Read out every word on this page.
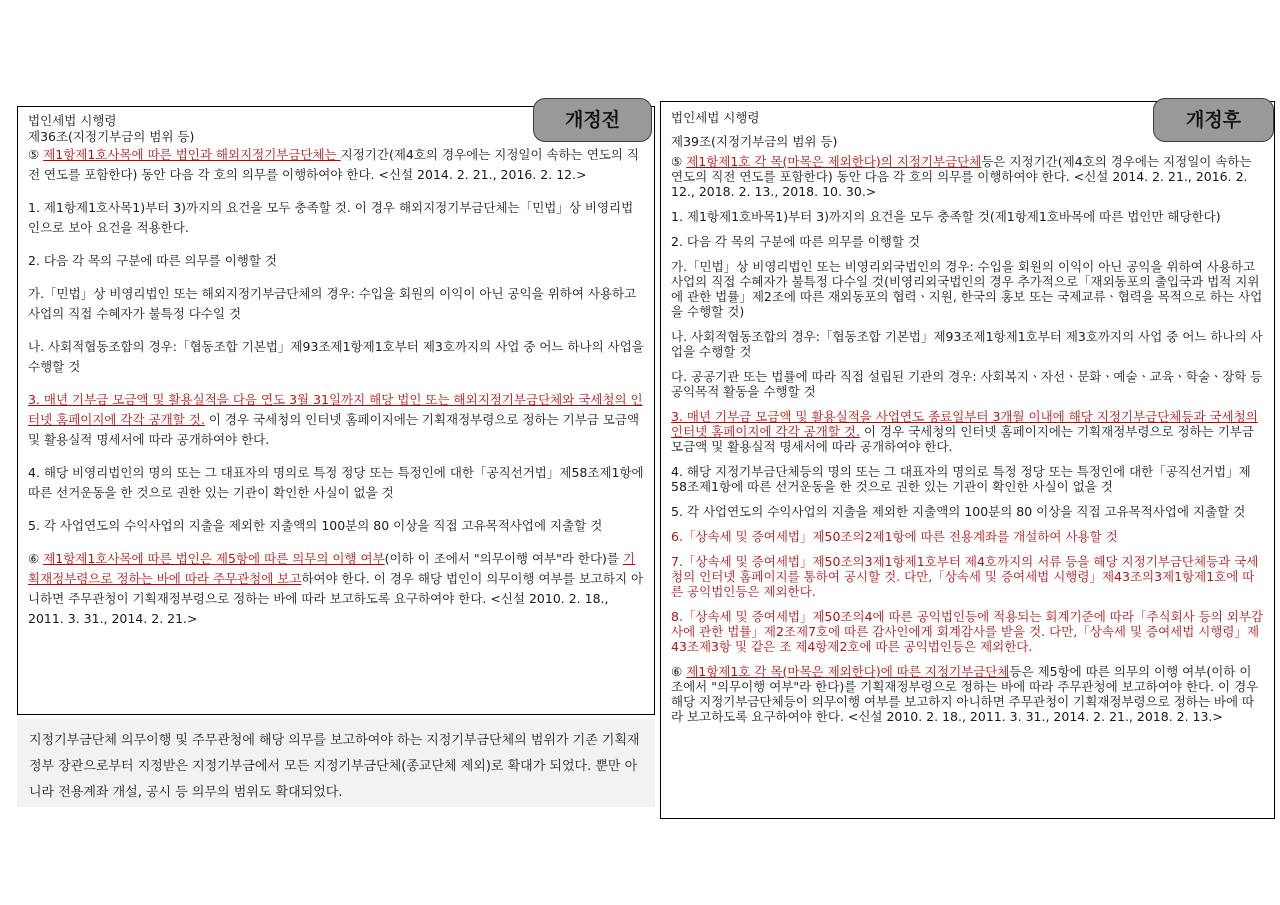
법인세법 시행령
제36조(지정기부금의 범위 등)

⑤ 제1항제1호사목에 따른 법인과 해외지정기부금단체는 지정기간(제4호의 경우에는 지정일이 속하는 연도의 직전 연도를 포함한다) 동안 다음 각 호의 의무를 이행하여야 한다. <신설 2014. 2. 21., 2016. 2. 12.>

1. 제1항제1호사목1)부터 3)까지의 요건을 모두 충족할 것. 이 경우 해외지정기부금단체는「민법」상 비영리법인으로 보아 요건을 적용한다.

2. 다음 각 목의 구분에 따른 의무를 이행할 것

가.「민법」상 비영리법인 또는 해외지정기부금단체의 경우: 수입을 회원의 이익이 아닌 공익을 위하여 사용하고 사업의 직접 수혜자가 불특정 다수일 것

나. 사회적협동조합의 경우:「협동조합 기본법」제93조제1항제1호부터 제3호까지의 사업 중 어느 하나의 사업을 수행할 것

3. 매년 기부금 모금액 및 활용실적을 다음 연도 3월 31일까지 해당 법인 또는 해외지정기부금단체와 국세청의 인터넷 홈페이지에 각각 공개할 것. 이 경우 국세청의 인터넷 홈페이지에는 기획재정부령으로 정하는 기부금 모금액 및 활용실적 명세서에 따라 공개하여야 한다.

4. 해당 비영리법인의 명의 또는 그 대표자의 명의로 특정 정당 또는 특정인에 대한「공직선거법」제58조제1항에 따른 선거운동을 한 것으로 권한 있는 기관이 확인한 사실이 없을 것

5. 각 사업연도의 수익사업의 지출을 제외한 지출액의 100분의 80 이상을 직접 고유목적사업에 지출할 것

⑥ 제1항제1호사목에 따른 법인은 제5항에 따른 의무의 이행 여부(이하 이 조에서 "의무이행 여부"라 한다)를 기획재정부령으로 정하는 바에 따라 주무관청에 보고하여야 한다. 이 경우 해당 법인이 의무이행 여부를 보고하지 아니하면 주무관청이 기획재정부령으로 정하는 바에 따라 보고하도록 요구하여야 한다. <신설 2010. 2. 18., 2011. 3. 31., 2014. 2. 21.>

개정전
지정기부금단체 의무이행 및 주무관청에 해당 의무를 보고하여야 하는 지정기부금단체의 범위가 기존 기획재정부 장관으로부터 지정받은 지정기부금에서 모든 지정기부금단체(종교단체 제외)로 확대가 되었다. 뿐만 아니라 전용계좌 개설, 공시 등 의무의 범위도 확대되었다.
법인세법 시행령
제39조(지정기부금의 범위 등)

⑤ 제1항제1호 각 목(마목은 제외한다)의 지정기부금단체등은 지정기간(제4호의 경우에는 지정일이 속하는 연도의 직전 연도를 포함한다) 동안 다음 각 호의 의무를 이행하여야 한다. <신설 2014. 2. 21., 2016. 2. 12., 2018. 2. 13., 2018. 10. 30.>

1. 제1항제1호바목1)부터 3)까지의 요건을 모두 충족할 것(제1항제1호바목에 따른 법인만 해당한다)

2. 다음 각 목의 구분에 따른 의무를 이행할 것

가.「민법」상 비영리법인 또는 비영리외국법인의 경우: 수입을 회원의 이익이 아닌 공익을 위하여 사용하고 사업의 직접 수혜자가 불특정 다수일 것(비영리외국법인의 경우 추가적으로「재외동포의 출입국과 법적 지위에 관한 법률」제2조에 따른 재외동포의 협력ㆍ지원, 한국의 홍보 또는 국제교류ㆍ협력을 목적으로 하는 사업을 수행할 것)

나. 사회적협동조합의 경우:「협동조합 기본법」제93조제1항제1호부터 제3호까지의 사업 중 어느 하나의 사업을 수행할 것

다. 공공기관 또는 법률에 따라 직접 설립된 기관의 경우: 사회복지ㆍ자선ㆍ문화ㆍ예술ㆍ교육ㆍ학술ㆍ장학 등 공익목적 활동을 수행할 것

3. 매년 기부금 모금액 및 활용실적을 사업연도 종료일부터 3개월 이내에 해당 지정기부금단체등과 국세청의 인터넷 홈페이지에 각각 공개할 것. 이 경우 국세청의 인터넷 홈페이지에는 기획재정부령으로 정하는 기부금 모금액 및 활용실적 명세서에 따라 공개하여야 한다.

4. 해당 지정기부금단체등의 명의 또는 그 대표자의 명의로 특정 정당 또는 특정인에 대한「공직선거법」제58조제1항에 따른 선거운동을 한 것으로 권한 있는 기관이 확인한 사실이 없을 것

5. 각 사업연도의 수익사업의 지출을 제외한 지출액의 100분의 80 이상을 직접 고유목적사업에 지출할 것

6.「상속세 및 증여세법」제50조의2제1항에 따른 전용계좌를 개설하여 사용할 것

7.「상속세 및 증여세법」제50조의3제1항제1호부터 제4호까지의 서류 등을 해당 지정기부금단체등과 국세청의 인터넷 홈페이지를 통하여 공시할 것. 다만,「상속세 및 증여세법 시행령」제43조의3제1항제1호에 따른 공익법인등은 제외한다.

8.「상속세 및 증여세법」제50조의4에 따른 공익법인등에 적용되는 회계기준에 따라「주식회사 등의 외부감사에 관한 법률」제2조제7호에 따른 감사인에게 회계감사를 받을 것. 다만,「상속세 및 증여세법 시행령」제43조제3항 및 같은 조 제4항제2호에 따른 공익법인등은 제외한다.

⑥ 제1항제1호 각 목(마목은 제외한다)에 따른 지정기부금단체등은 제5항에 따른 의무의 이행 여부(이하 이 조에서 "의무이행 여부"라 한다)를 기획재정부령으로 정하는 바에 따라 주무관청에 보고하여야 한다. 이 경우 해당 지정기부금단체등이 의무이행 여부를 보고하지 아니하면 주무관청이 기획재정부령으로 정하는 바에 따라 보고하도록 요구하여야 한다. <신설 2010. 2. 18., 2011. 3. 31., 2014. 2. 21., 2018. 2. 13.>

개정후
